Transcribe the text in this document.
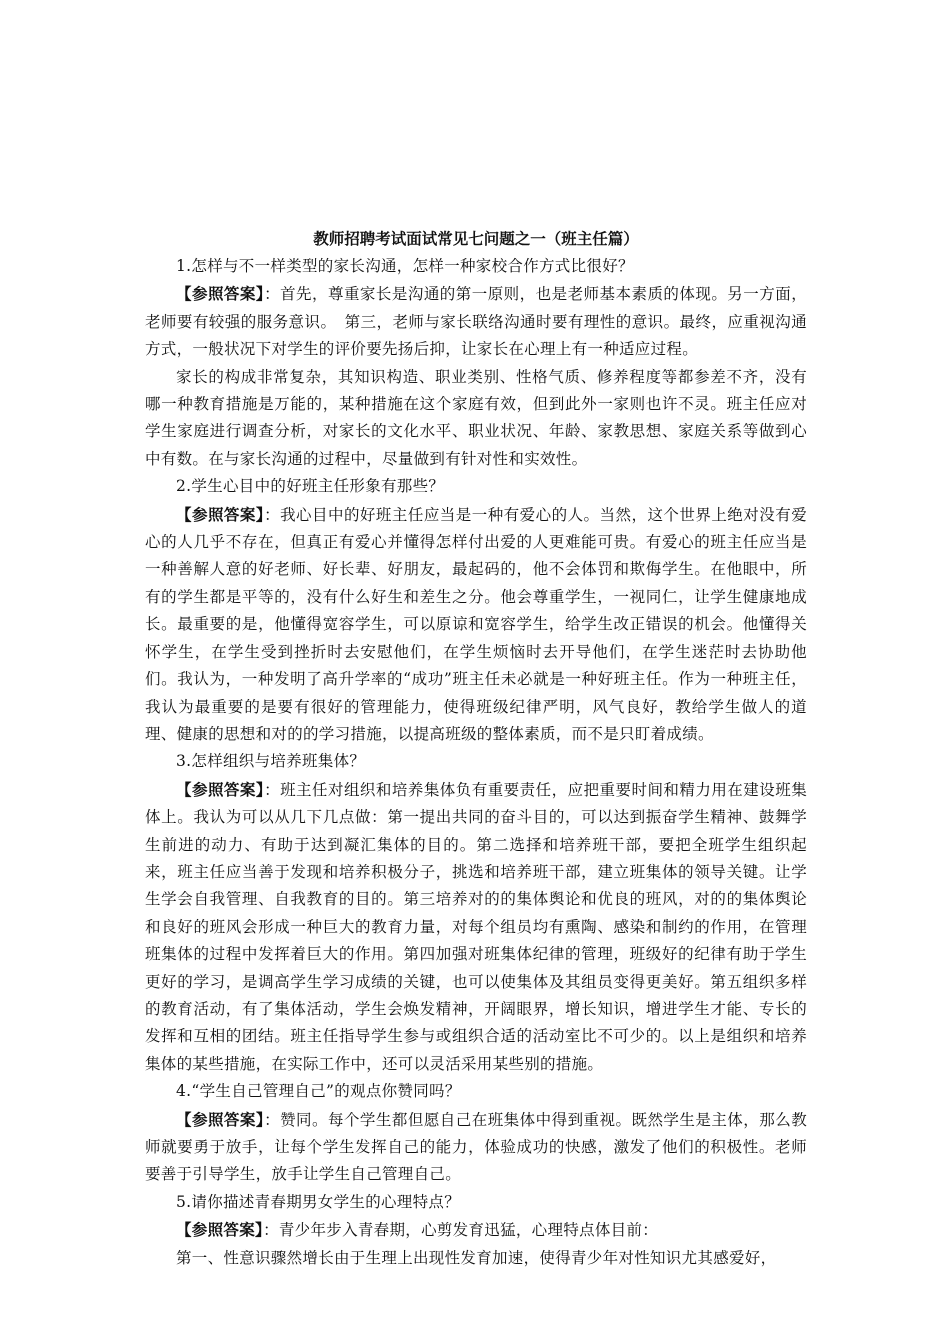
教师招聘考试面试常见七问题之一（班主任篇）

1.怎样与不一样类型的家长沟通，怎样一种家校合作方式比很好？

【参照答案】：首先，尊重家长是沟通的第一原则，也是老师基本素质的体现。另一方面，老师要有较强的服务意识。　第三，老师与家长联络沟通时要有理性的意识。最终，应重视沟通方式，一般状况下对学生的评价要先扬后抑，让家长在心理上有一种适应过程。

家长的构成非常复杂，其知识构造、职业类别、性格气质、修养程度等都参差不齐，没有哪一种教育措施是万能的，某种措施在这个家庭有效，但到此外一家则也许不灵。班主任应对学生家庭进行调查分析，对家长的文化水平、职业状况、年龄、家教思想、家庭关系等做到心中有数。在与家长沟通的过程中，尽量做到有针对性和实效性。

2.学生心目中的好班主任形象有那些？

【参照答案】：我心目中的好班主任应当是一种有爱心的人。当然，这个世界上绝对没有爱心的人几乎不存在，但真正有爱心并懂得怎样付出爱的人更难能可贵。有爱心的班主任应当是一种善解人意的好老师、好长辈、好朋友，最起码的，他不会体罚和欺侮学生。在他眼中，所有的学生都是平等的，没有什么好生和差生之分。他会尊重学生，一视同仁，让学生健康地成长。最重要的是，他懂得宽容学生，可以原谅和宽容学生，给学生改正错误的机会。他懂得关怀学生，在学生受到挫折时去安慰他们，在学生烦恼时去开导他们，在学生迷茫时去协助他们。我认为，一种发明了高升学率的“成功”班主任未必就是一种好班主任。作为一种班主任，我认为最重要的是要有很好的管理能力，使得班级纪律严明，风气良好，教给学生做人的道理、健康的思想和对的的学习措施，以提高班级的整体素质，而不是只盯着成绩。

3.怎样组织与培养班集体？

【参照答案】：班主任对组织和培养集体负有重要责任，应把重要时间和精力用在建设班集体上。我认为可以从几下几点做：第一提出共同的奋斗目的，可以达到振奋学生精神、鼓舞学生前进的动力、有助于达到凝汇集体的目的。第二选择和培养班干部，要把全班学生组织起来，班主任应当善于发现和培养积极分子，挑选和培养班干部，建立班集体的领导关键。让学生学会自我管理、自我教育的目的。第三培养对的的集体舆论和优良的班风，对的的集体舆论和良好的班风会形成一种巨大的教育力量，对每个组员均有熏陶、感染和制约的作用，在管理班集体的过程中发挥着巨大的作用。第四加强对班集体纪律的管理，班级好的纪律有助于学生更好的学习，是调高学生学习成绩的关键，也可以使集体及其组员变得更美好。第五组织多样的教育活动，有了集体活动，学生会焕发精神，开阔眼界，增长知识，增进学生才能、专长的发挥和互相的团结。班主任指导学生参与或组织合适的活动室比不可少的。以上是组织和培养集体的某些措施，在实际工作中，还可以灵活采用某些别的措施。

4.“学生自己管理自己”的观点你赞同吗？

【参照答案】：赞同。每个学生都但愿自己在班集体中得到重视。既然学生是主体，那么教师就要勇于放手，让每个学生发挥自己的能力，体验成功的快感，激发了他们的积极性。老师要善于引导学生，放手让学生自己管理自己。

5.请你描述青春期男女学生的心理特点？

【参照答案】：青少年步入青春期，心剪发育迅猛，心理特点体目前：

第一、性意识骤然增长由于生理上出现性发育加速，使得青少年对性知识尤其感爱好，
